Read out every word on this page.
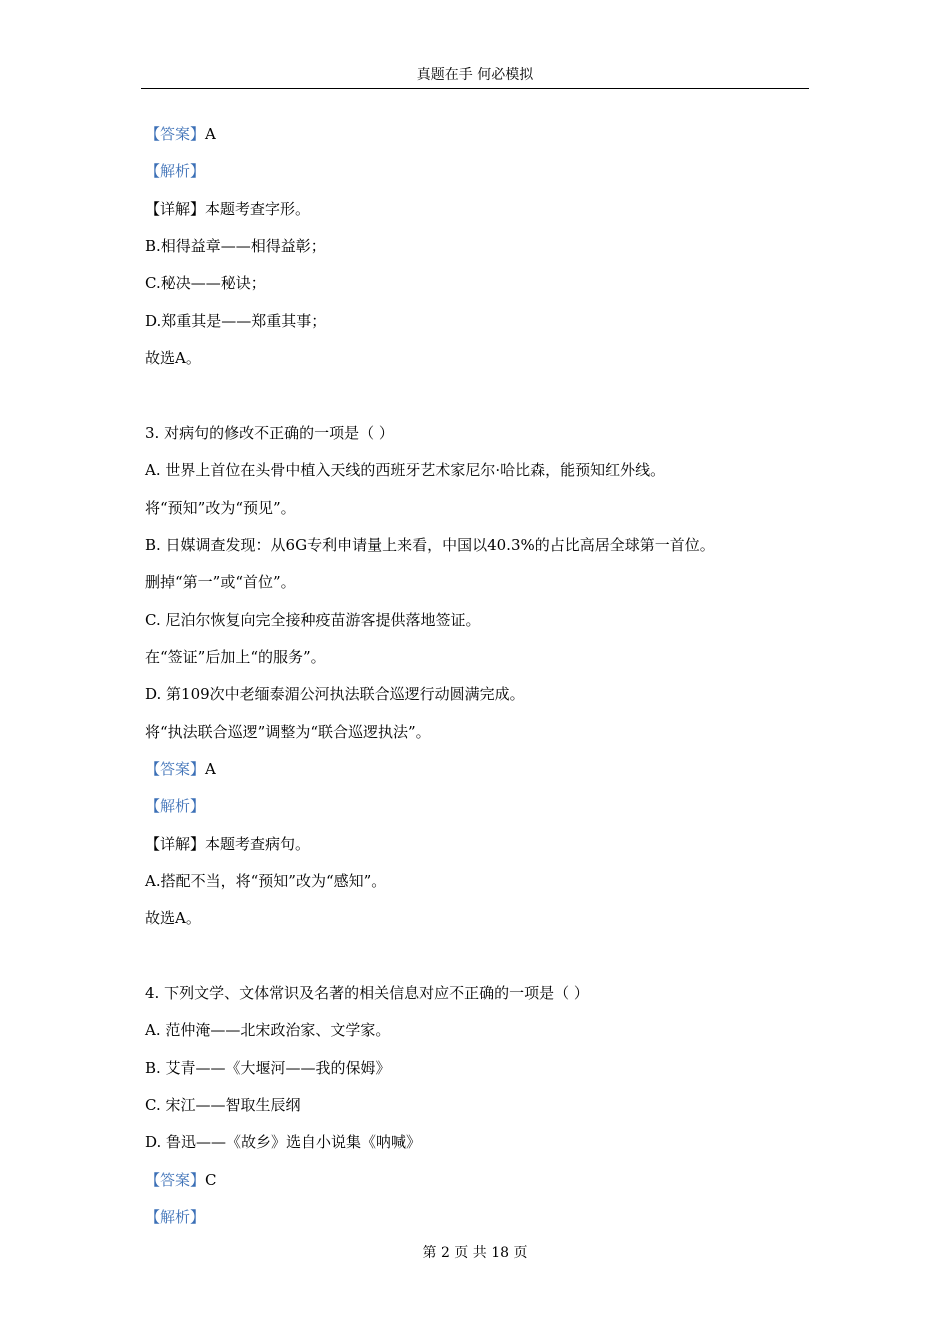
真题在手 何必模拟
【答案】A
【解析】
【详解】本题考查字形。
B.相得益章——相得益彰；
C.秘决——秘诀；
D.郑重其是——郑重其事；
故选A。
3. 对病句的修改不正确的一项是（ ）
A. 世界上首位在头骨中植入天线的西班牙艺术家尼尔·哈比森，能预知红外线。
将“预知”改为“预见”。
B. 日媒调查发现：从6G专利申请量上来看，中国以40.3%的占比高居全球第一首位。
删掉“第一”或“首位”。
C. 尼泊尔恢复向完全接种疫苗游客提供落地签证。
在“签证”后加上“的服务”。
D. 第109次中老缅泰湄公河执法联合巡逻行动圆满完成。
将“执法联合巡逻”调整为“联合巡逻执法”。
【答案】A
【解析】
【详解】本题考查病句。
A.搭配不当，将“预知”改为“感知”。
故选A。
4. 下列文学、文体常识及名著的相关信息对应不正确的一项是（ ）
A. 范仲淹——北宋政治家、文学家。
B. 艾青——《大堰河——我的保姆》
C. 宋江——智取生辰纲
D. 鲁迅——《故乡》选自小说集《呐喊》
【答案】C
【解析】
第 2 页 共 18 页
